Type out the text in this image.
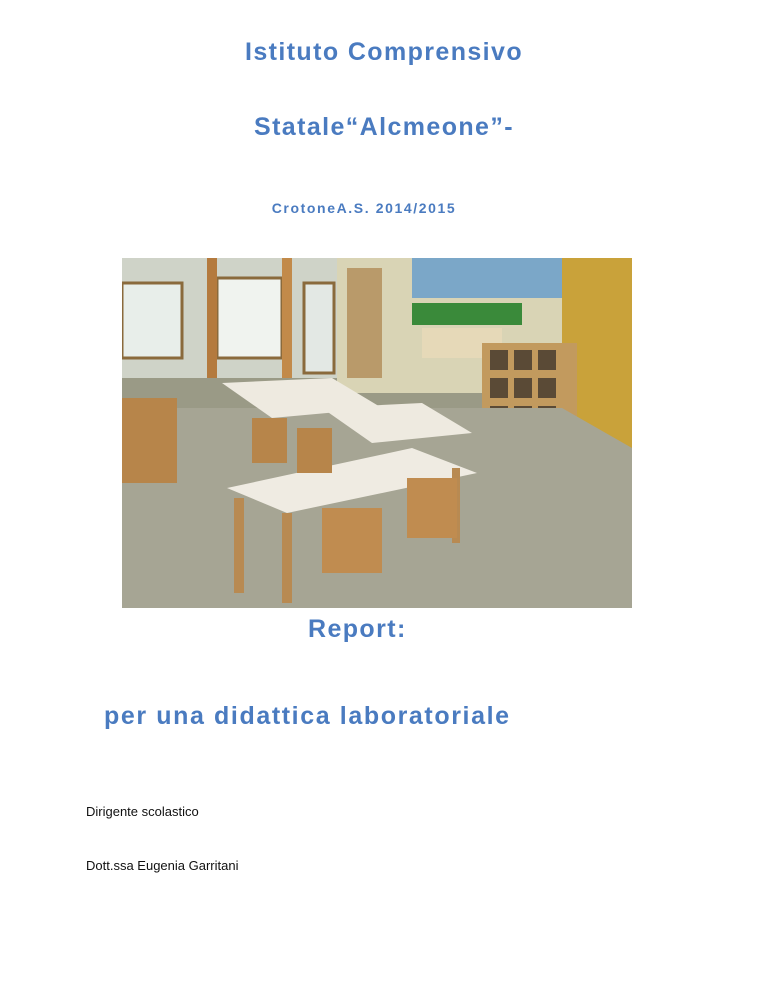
Istituto Comprensivo
Statale“Alcmeone”-
CrotoneA.S. 2014/2015
Report:
per una didattica laboratoriale
Dirigente scolastico
Dott.ssa Eugenia Garritani
